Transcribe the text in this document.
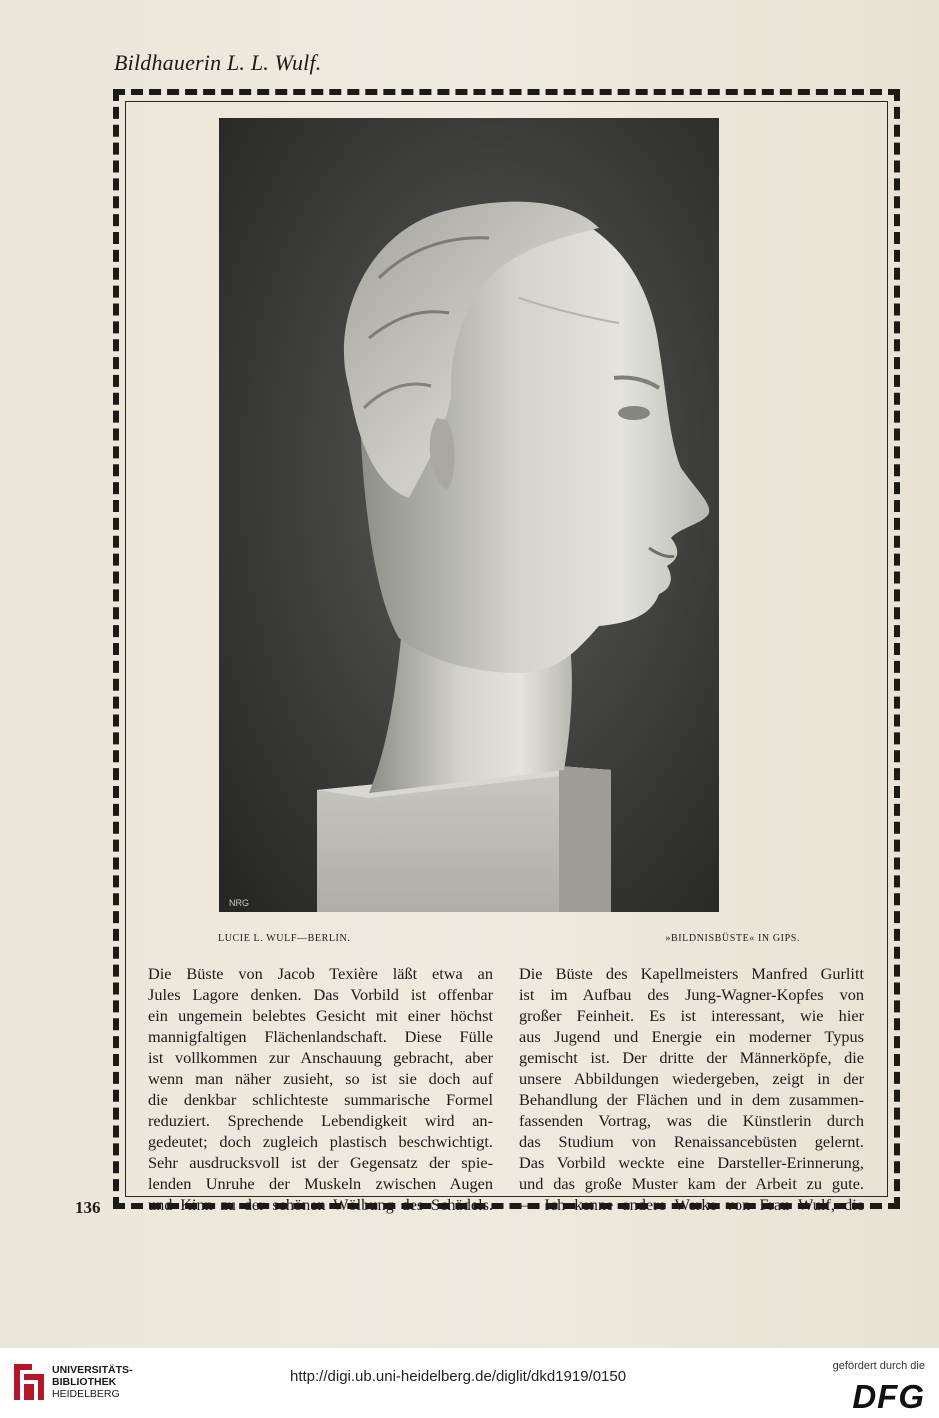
Bildhauerin L. L. Wulf.
NRG
LUCIE L. WULF—BERLIN.	»BILDNISBÜSTE« IN GIPS.
Die Büste von Jacob Texière läßt etwa an
Jules Lagore denken. Das Vorbild ist offenbar
ein ungemein belebtes Gesicht mit einer höchst
mannigfaltigen Flächenlandschaft. Diese Fülle
ist vollkommen zur Anschauung gebracht, aber
wenn man näher zusieht, so ist sie doch auf
die denkbar schlichteste summarische Formel
reduziert. Sprechende Lebendigkeit wird an-
gedeutet; doch zugleich plastisch beschwichtigt.
Sehr ausdrucksvoll ist der Gegensatz der spie-
lenden Unruhe der Muskeln zwischen Augen
und Kinn zu der schönen Wölbung des Schädels.
Die Büste des Kapellmeisters Manfred Gurlitt
ist im Aufbau des Jung-Wagner-Kopfes von
großer Feinheit. Es ist interessant, wie hier
aus Jugend und Energie ein moderner Typus
gemischt ist. Der dritte der Männerköpfe, die
unsere Abbildungen wiedergeben, zeigt in der
Behandlung der Flächen und in dem zusammen-
fassenden Vortrag, was die Künstlerin durch
das Studium von Renaissancebüsten gelernt.
Das Vorbild weckte eine Darsteller-Erinnerung,
und das große Muster kam der Arbeit zu gute.
— Ich kenne andere Werke von Frau Wulf, die
136
UNIVERSITÄTS-
BIBLIOTHEK
HEIDELBERG
http://digi.ub.uni-heidelberg.de/diglit/dkd1919/0150
gefördert durch die
DFG
